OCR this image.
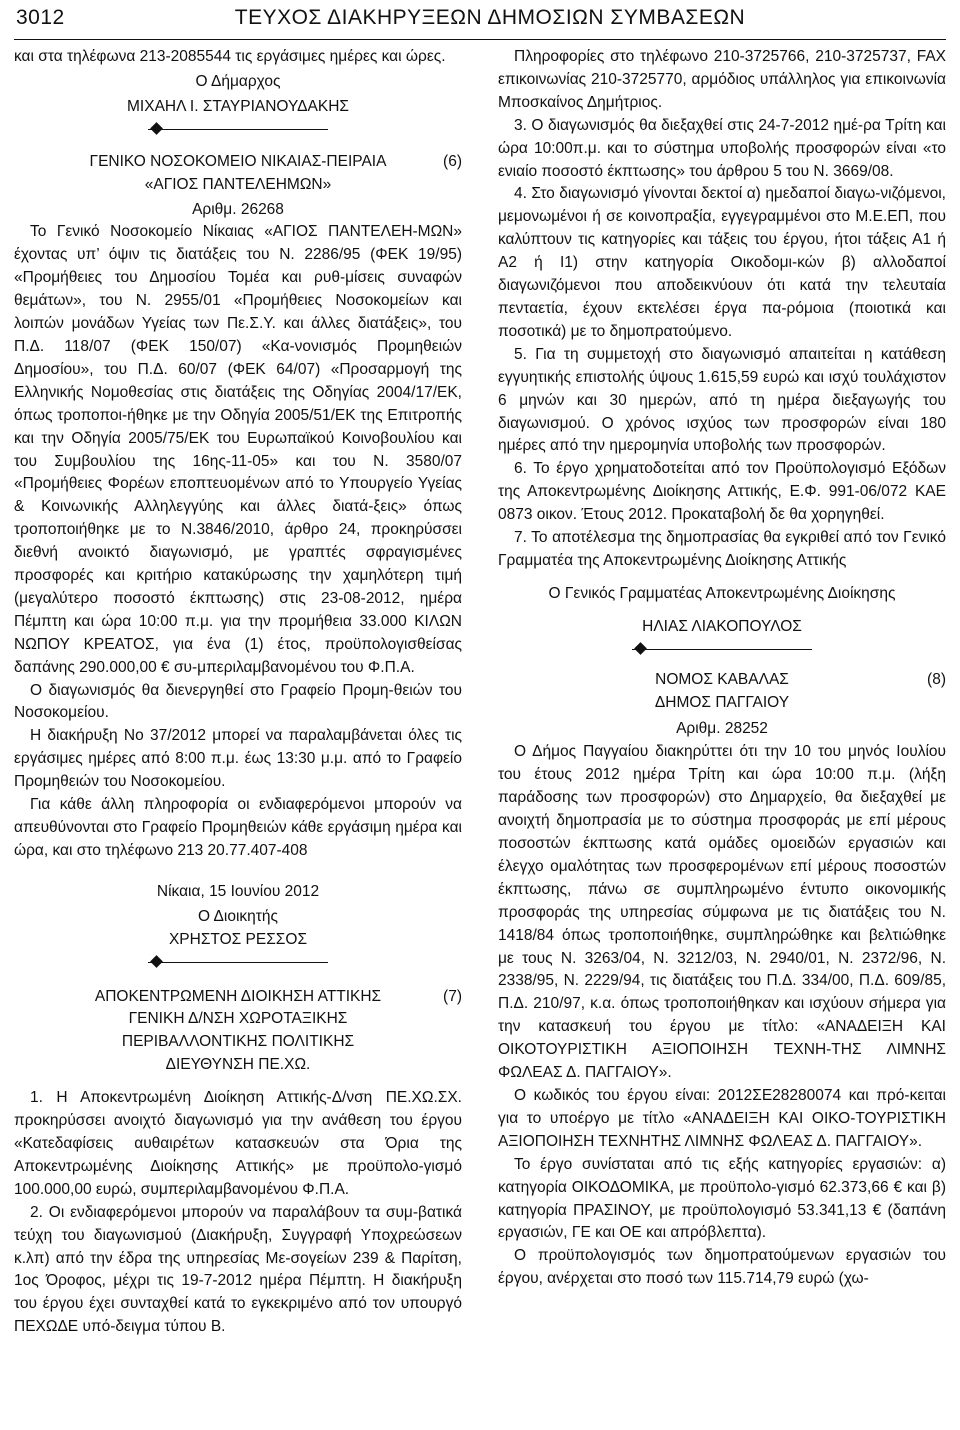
3012	ΤΕΥΧΟΣ ΔΙΑΚΗΡΥΞΕΩΝ ΔΗΜΟΣΙΩΝ ΣΥΜΒΑΣΕΩΝ

και στα τηλέφωνα 213-2085544 τις εργάσιμες ημέρες και ώρες.

Ο Δήμαρχος

ΜΙΧΑΗΛ Ι. ΣΤΑΥΡΙΑΝΟΥΔΑΚΗΣ

(6)

ΓΕΝΙΚΟ ΝΟΣΟΚΟΜΕΙΟ ΝΙΚΑΙΑΣ-ΠΕΙΡΑΙΑ

«ΑΓΙΟΣ ΠΑΝΤΕΛΕΗΜΩΝ»

Αριθμ. 26268

Το Γενικό Νοσοκομείο Νίκαιας «ΑΓΙΟΣ ΠΑΝΤΕΛΕΗ-ΜΩΝ» έχοντας υπ’ όψιν τις διατάξεις του Ν. 2286/95 (ΦΕΚ 19/95) «Προμήθειες του Δημοσίου Τομέα και ρυθ-μίσεις συναφών θεμάτων», του Ν. 2955/01 «Προμήθειες Νοσοκομείων και λοιπών μονάδων Υγείας των Πε.Σ.Υ. και άλλες διατάξεις», του Π.Δ. 118/07 (ΦΕΚ 150/07) «Κα-νονισμός Προμηθειών Δημοσίου», του Π.Δ. 60/07 (ΦΕΚ 64/07) «Προσαρμογή της Ελληνικής Νομοθεσίας στις διατάξεις της Οδηγίας 2004/17/ΕΚ, όπως τροποποι-ήθηκε με την Οδηγία 2005/51/ΕΚ της Επιτροπής και την Οδηγία 2005/75/ΕΚ του Ευρωπαϊκού Κοινοβουλίου και του Συμβουλίου της 16ης-11-05» και του Ν. 3580/07 «Προμήθειες Φορέων εποπτευομένων από το Υπουργείο Υγείας & Κοινωνικής Αλληλεγγύης και άλλες διατά-ξεις» όπως τροποποιήθηκε με το Ν.3846/2010, άρθρο 24, προκηρύσσει διεθνή ανοικτό διαγωνισμό, με γραπτές σφραγισμένες προσφορές και κριτήριο κατακύρωσης την χαμηλότερη τιμή (μεγαλύτερο ποσοστό έκπτωσης) στις 23-08-2012, ημέρα Πέμπτη και ώρα 10:00 π.μ. για την προμήθεια 33.000 ΚΙΛΩΝ ΝΩΠΟΥ ΚΡΕΑΤΟΣ, για ένα (1) έτος, προϋπολογισθείσας δαπάνης 290.000,00 € συ-μπεριλαμβανομένου του Φ.Π.Α.

Ο διαγωνισμός θα διενεργηθεί στο Γραφείο Προμη-θειών του Νοσοκομείου.

Η διακήρυξη Νο 37/2012 μπορεί να παραλαμβάνεται όλες τις εργάσιμες ημέρες από 8:00 π.μ. έως 13:30 μ.μ. από το Γραφείο Προμηθειών του Νοσοκομείου.

Για κάθε άλλη πληροφορία οι ενδιαφερόμενοι μπορούν να απευθύνονται στο Γραφείο Προμηθειών κάθε εργάσιμη ημέρα και ώρα, και στο τηλέφωνο 213 20.77.407-408

Νίκαια, 15 Ιουνίου 2012

Ο Διοικητής

ΧΡΗΣΤΟΣ ΡΕΣΣΟΣ

(7)

ΑΠΟΚΕΝΤΡΩΜΕΝΗ ΔΙΟΙΚΗΣΗ ΑΤΤΙΚΗΣ

ΓΕΝΙΚΗ Δ/ΝΣΗ ΧΩΡΟΤΑΞΙΚΗΣ

ΠΕΡΙΒΑΛΛΟΝΤΙΚΗΣ ΠΟΛΙΤΙΚΗΣ

ΔΙΕΥΘΥΝΣΗ ΠΕ.ΧΩ.

1. Η Αποκεντρωμένη Διοίκηση Αττικής-Δ/νση ΠΕ.ΧΩ.ΣΧ. προκηρύσσει ανοιχτό διαγωνισμό για την ανάθεση του έργου «Κατεδαφίσεις αυθαιρέτων κατασκευών στα Όρια της Αποκεντρωμένης Διοίκησης Αττικής» με προϋπολο-γισμό 100.000,00 ευρώ, συμπεριλαμβανομένου Φ.Π.Α.

2. Οι ενδιαφερόμενοι μπορούν να παραλάβουν τα συμ-βατικά τεύχη του διαγωνισμού (Διακήρυξη, Συγγραφή Υποχρεώσεων κ.λπ) από την έδρα της υπηρεσίας Με-σογείων 239 & Παρίτση, 1ος Όροφος, μέχρι τις 19-7-2012 ημέρα Πέμπτη. Η διακήρυξη του έργου έχει συνταχθεί κατά το εγκεκριμένο από τον υπουργό ΠΕΧΩΔΕ υπό-δειγμα τύπου Β.

Πληροφορίες στο τηλέφωνο 210-3725766, 210-3725737, FAX επικοινωνίας 210-3725770, αρμόδιος υπάλληλος για επικοινωνία Μποσκαίνος Δημήτριος.

3. Ο διαγωνισμός θα διεξαχθεί στις 24-7-2012 ημέ-ρα Τρίτη και ώρα 10:00π.μ. και το σύστημα υποβολής προσφορών είναι «το ενιαίο ποσοστό έκπτωσης» του άρθρου 5 του Ν. 3669/08.

4. Στο διαγωνισμό γίνονται δεκτοί α) ημεδαποί διαγω-νιζόμενοι, μεμονωμένοι ή σε κοινοπραξία, εγγεγραμμένοι στο Μ.Ε.ΕΠ, που καλύπτουν τις κατηγορίες και τάξεις του έργου, ήτοι τάξεις Α1 ή Α2 ή Ι1) στην κατηγορία Οικοδομι-κών β) αλλοδαποί διαγωνιζόμενοι που αποδεικνύουν ότι κατά την τελευταία πενταετία, έχουν εκτελέσει έργα πα-ρόμοια (ποιοτικά και ποσοτικά) με το δημοπρατούμενο.

5. Για τη συμμετοχή στο διαγωνισμό απαιτείται η κατάθεση εγγυητικής επιστολής ύψους 1.615,59 ευρώ και ισχύ τουλάχιστον 6 μηνών και 30 ημερών, από τη ημέρα διεξαγωγής του διαγωνισμού. Ο χρόνος ισχύος των προσφορών είναι 180 ημέρες από την ημερομηνία υποβολής των προσφορών.

6. Το έργο χρηματοδοτείται από τον Προϋπολογισμό Εξόδων της Αποκεντρωμένης Διοίκησης Αττικής, Ε.Φ. 991-06/072 ΚΑΕ 0873 οικον. Έτους 2012. Προκαταβολή δε θα χορηγηθεί.

7. Το αποτέλεσμα της δημοπρασίας θα εγκριθεί από τον Γενικό Γραμματέα της Αποκεντρωμένης Διοίκησης Αττικής

Ο Γενικός Γραμματέας Αποκεντρωμένης Διοίκησης

ΗΛΙΑΣ ΛΙΑΚΟΠΟΥΛΟΣ

(8)

ΝΟΜΟΣ ΚΑΒΑΛΑΣ

ΔΗΜΟΣ ΠΑΓΓΑΙΟΥ

Αριθμ. 28252

Ο Δήμος Παγγαίου διακηρύττει ότι την 10 του μηνός Ιουλίου του έτους 2012 ημέρα Τρίτη και ώρα 10:00 π.μ. (λήξη παράδοσης των προσφορών) στο Δημαρχείο, θα διεξαχθεί με ανοιχτή δημοπρασία με το σύστημα προσφοράς με επί μέρους ποσοστών έκπτωσης κατά ομάδες ομοειδών εργασιών και έλεγχο ομαλότητας των προσφερομένων επί μέρους ποσοστών έκπτωσης, πάνω σε συμπληρωμένο έντυπο οικονομικής προσφοράς της υπηρεσίας σύμφωνα με τις διατάξεις του Ν. 1418/84 όπως τροποποιήθηκε, συμπληρώθηκε και βελτιώθηκε με τους Ν. 3263/04, Ν. 3212/03, Ν. 2940/01, Ν. 2372/96, Ν. 2338/95, Ν. 2229/94, τις διατάξεις του Π.Δ. 334/00, Π.Δ. 609/85, Π.Δ. 210/97, κ.α. όπως τροποποιήθηκαν και ισχύουν σήμερα για την κατασκευή του έργου με τίτλο: «ΑΝΑΔΕΙΞΗ ΚΑΙ ΟΙΚΟΤΟΥΡΙΣΤΙΚΗ ΑΞΙΟΠΟΙΗΣΗ ΤΕΧΝΗ-ΤΗΣ ΛΙΜΝΗΣ ΦΩΛΕΑΣ Δ. ΠΑΓΓΑΙΟΥ».

Ο κωδικός του έργου είναι: 2012ΣΕ28280074 και πρό-κειται για το υποέργο με τίτλο «ΑΝΑΔΕΙΞΗ ΚΑΙ ΟΙΚΟ-ΤΟΥΡΙΣΤΙΚΗ ΑΞΙΟΠΟΙΗΣΗ ΤΕΧΝΗΤΗΣ ΛΙΜΝΗΣ ΦΩΛΕΑΣ Δ. ΠΑΓΓΑΙΟΥ».

Το έργο συνίσταται από τις εξής κατηγορίες εργασιών: α) κατηγορία ΟΙΚΟΔΟΜΙΚΑ, με προϋπολο-γισμό 62.373,66 € και β) κατηγορία ΠΡΑΣΙΝΟΥ, με προϋπολογισμό 53.341,13 € (δαπάνη εργασιών, ΓΕ και ΟΕ και απρόβλεπτα).

Ο προϋπολογισμός των δημοπρατούμενων εργασιών του έργου, ανέρχεται στο ποσό των 115.714,79 ευρώ (χω-
